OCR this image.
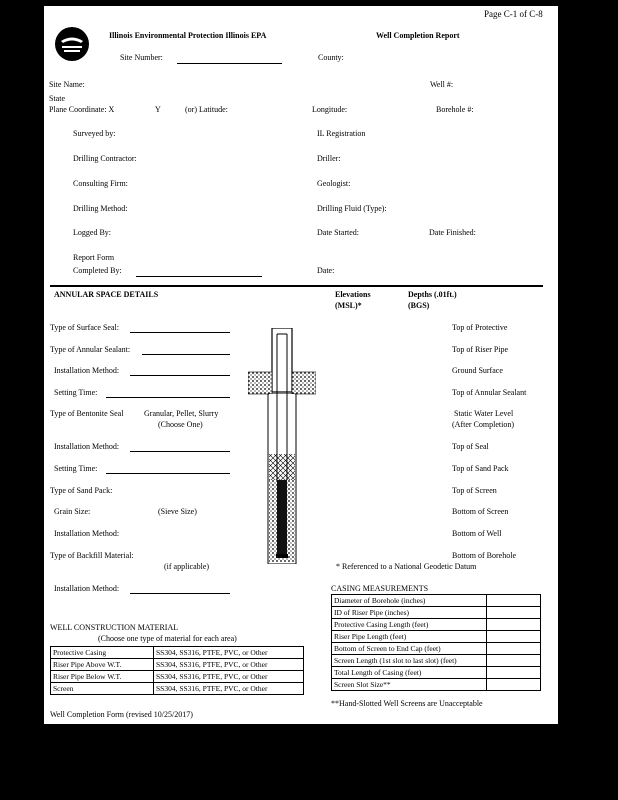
Page C-1 of C-8
Illinois Environmental Protection Illinois EPA	Well Completion Report
Site Number:	County:
Site Name:	Well #:
State
Plane Coordinate: X	Y	(or) Latitude:	Longitude:	Borehole #:
Surveyed by:	IL Registration
Drilling Contractor:	Driller:
Consulting Firm:	Geologist:
Drilling Method:	Drilling Fluid (Type):
Logged By:	Date Started:	Date Finished:
Report Form
Completed By:	Date:
ANNULAR SPACE DETAILS	Elevations
(MSL)*
Depths (.01ft.)
(BGS)
Type of Surface Seal:
Type of Annular Sealant:
Installation Method:
Setting Time:
Type of Bentonite Seal	Granular, Pellet, Slurry
(Choose One)
Installation Method:
Setting Time:
Type of Sand Pack:
Grain Size:	(Sieve Size)
Installation Method:
Type of Backfill Material:
(if applicable)
Installation Method:
Top of Protective
Top of Riser Pipe
Ground Surface
Top of Annular Sealant
Static Water Level
(After Completion)
Top of Seal
Top of Sand Pack
Top of Screen
Bottom of Screen
Bottom of Well
Bottom of Borehole
* Referenced to a National Geodetic Datum
CASING MEASUREMENTS
Diameter of Borehole (inches)	
ID of Riser Pipe (inches)	
Protective Casing Length (feet)	
Riser Pipe Length (feet)	
Bottom of Screen to End Cap (feet)	
Screen Length (1st slot to last slot) (feet)	
Total Length of Casing (feet)	
Screen Slot Size**	
**Hand-Slotted Well Screens are Unacceptable
WELL CONSTRUCTION MATERIAL
(Choose one type of material for each area)
Protective Casing	SS304, SS316, PTFE, PVC, or Other
Riser Pipe Above W.T.	SS304, SS316, PTFE, PVC, or Other
Riser Pipe Below W.T.	SS304, SS316, PTFE, PVC, or Other
Screen	SS304, SS316, PTFE, PVC, or Other
Well Completion Form (revised 10/25/2017)
